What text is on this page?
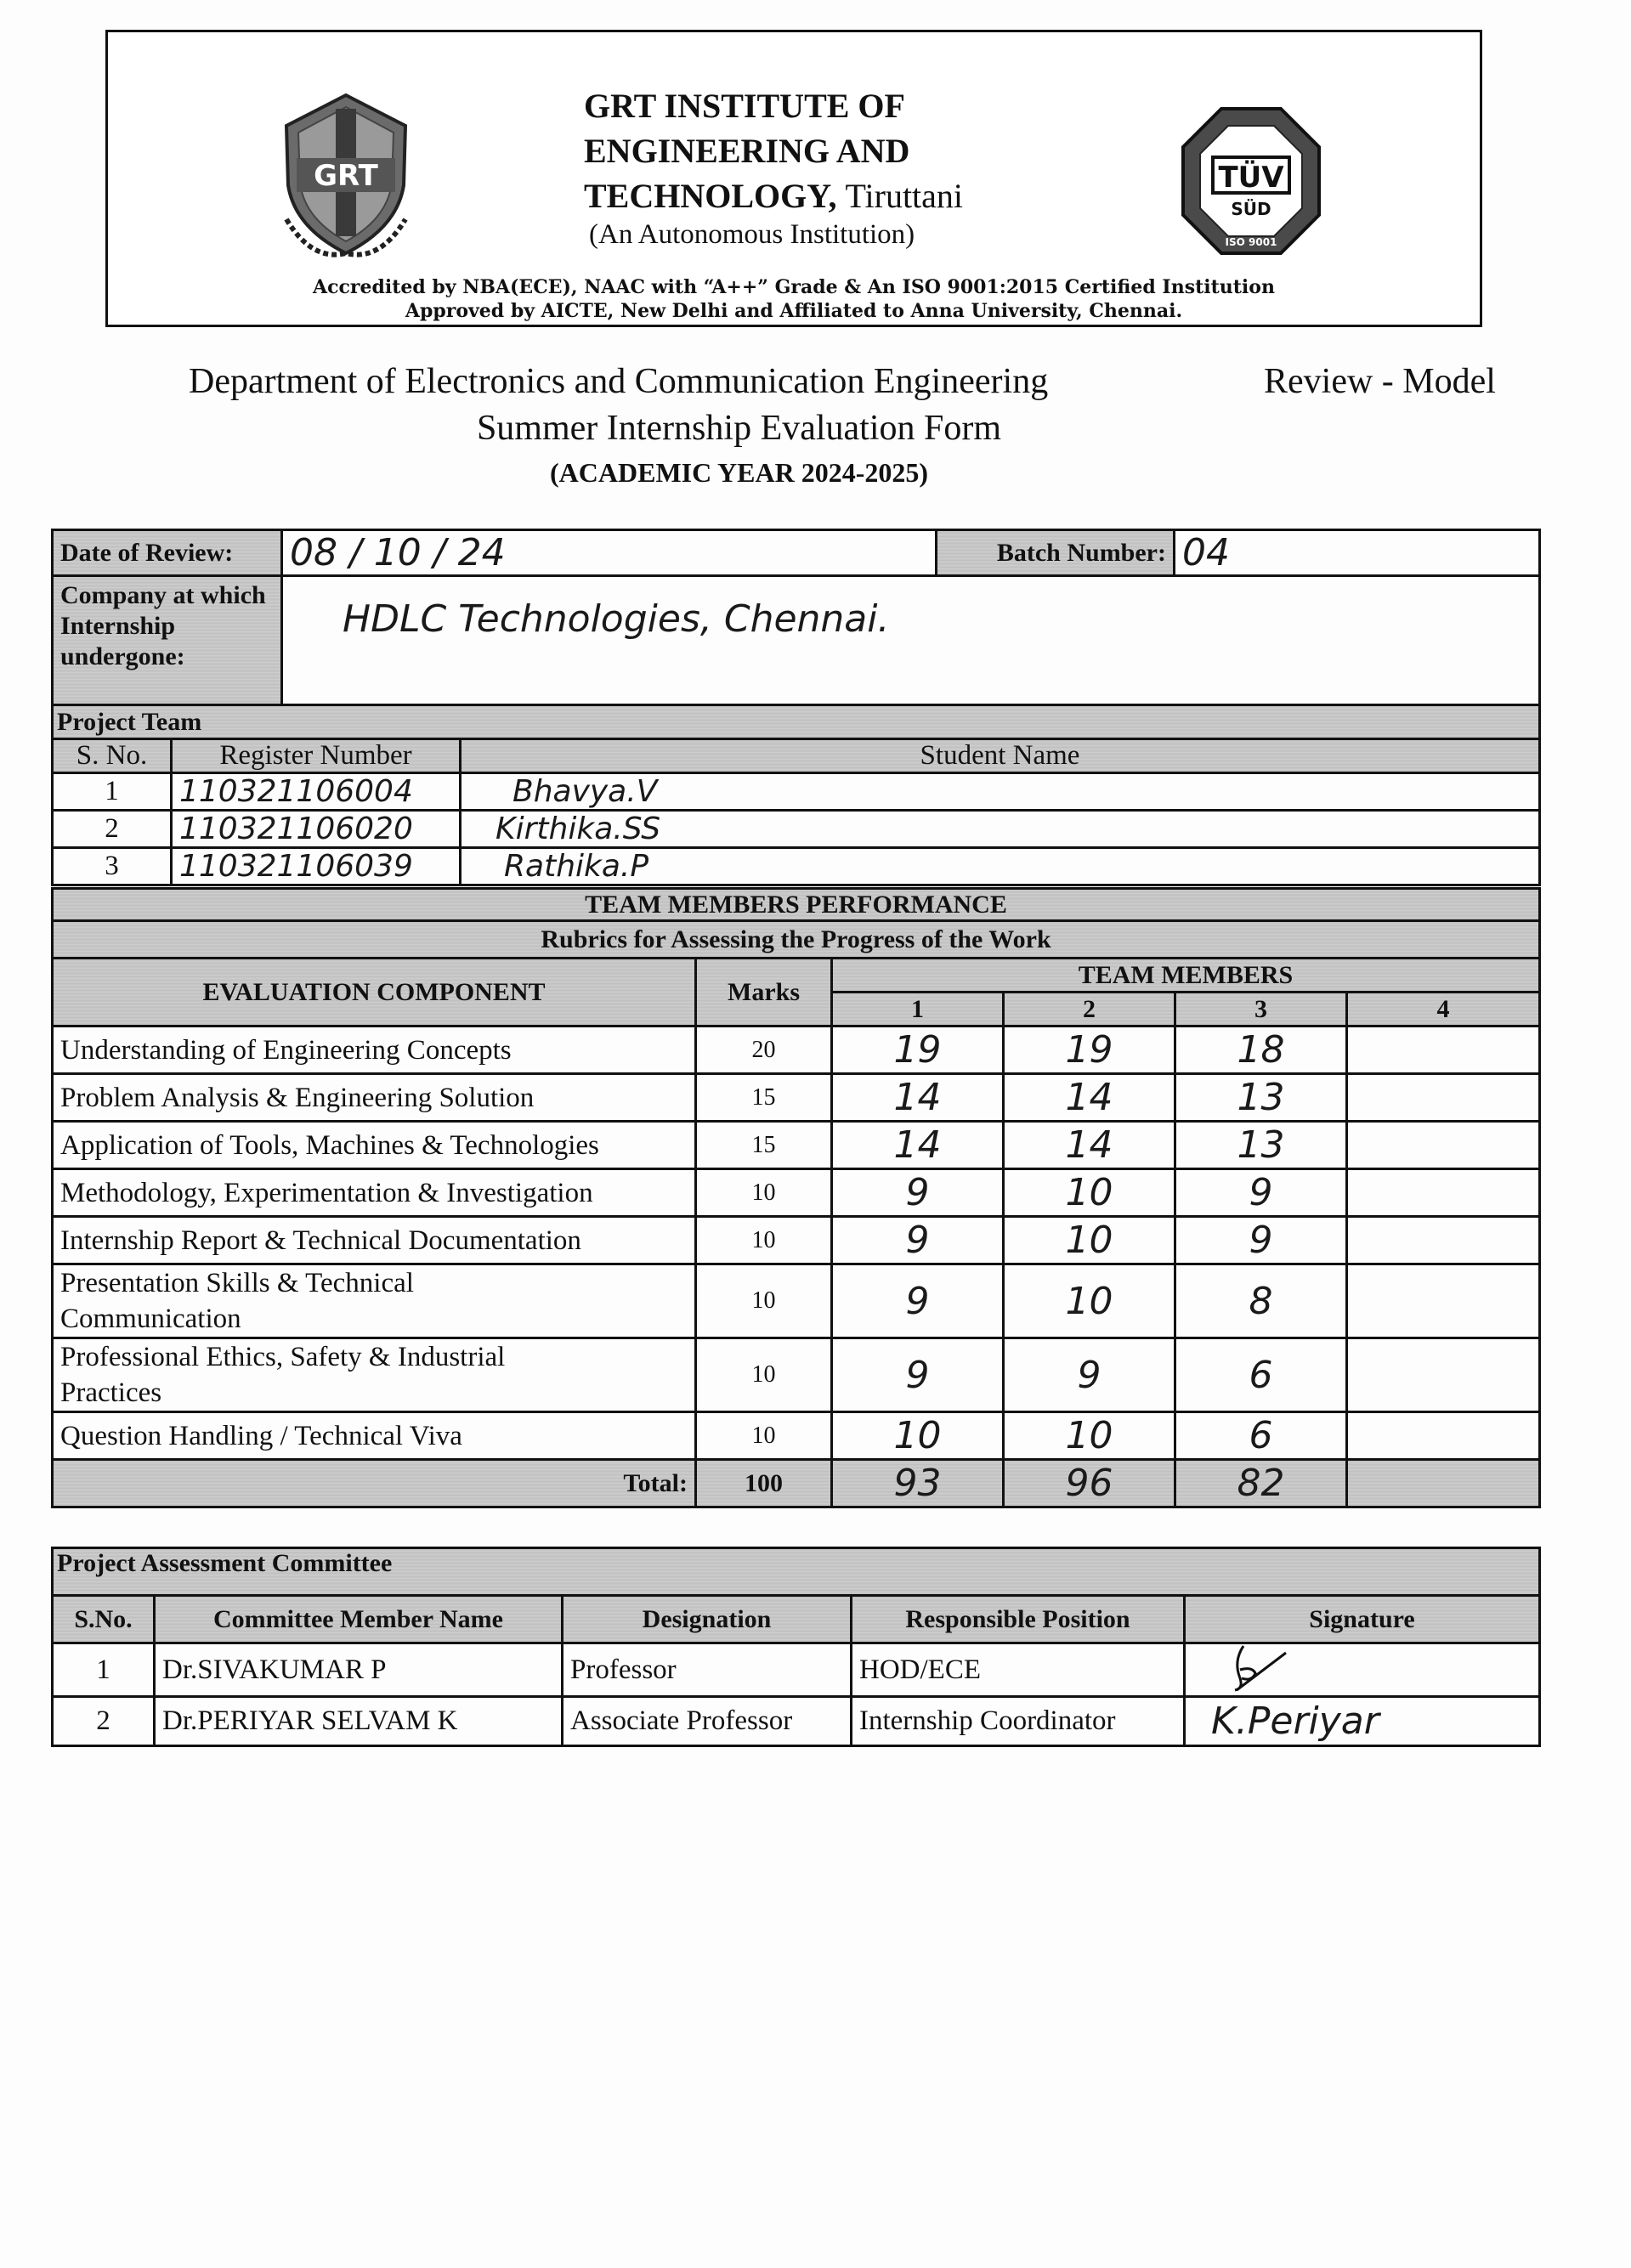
GRT
GRT INSTITUTE OF
ENGINEERING AND
TECHNOLOGY, Tiruttani
(An Autonomous Institution)
TÜV
SÜD
ISO 9001
Accredited by NBA(ECE), NAAC with “A++” Grade & An ISO 9001:2015 Certified Institution
Approved by AICTE, New Delhi and Affiliated to Anna University, Chennai.
Department of Electronics and Communication Engineering	Review - Model
Summer Internship Evaluation Form
(ACADEMIC YEAR 2024-2025)
Date of Review:	08 / 10 / 24	Batch Number:	04
Company at which Internship undergone:	HDLC Technologies, Chennai.		
Project Team		
S. No.	Register Number	Student Name
1	110321106004	Bhavya.V
2	110321106020	Kirthika.SS
3	110321106039	Rathika.P
TEAM MEMBERS PERFORMANCE					
Rubrics for Assessing the Progress of the Work					
EVALUATION COMPONENT	Marks	TEAM MEMBERS			
		1	2	3	4
Understanding of Engineering Concepts	20	19	19	18	
Problem Analysis & Engineering Solution	15	14	14	13	
Application of Tools, Machines & Technologies	15	14	14	13	
Methodology, Experimentation & Investigation	10	9	10	9	
Internship Report & Technical Documentation	10	9	10	9	
Presentation Skills & Technical Communication	10	9	10	8	
Professional Ethics, Safety & Industrial Practices	10	9	9	6	
Question Handling / Technical Viva	10	10	10	6	
Total:	100	93	96	82	
Project Assessment Committee				
S.No.	Committee Member Name	Designation	Responsible Position	Signature
1	Dr.SIVAKUMAR P	Professor	HOD/ECE	
2	Dr.PERIYAR SELVAM K	Associate Professor	Internship Coordinator	K.Periyar
